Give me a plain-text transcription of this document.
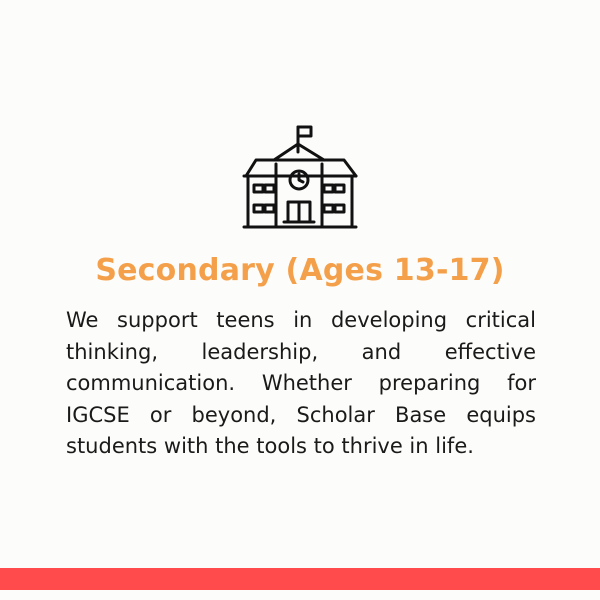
Secondary (Ages 13-17)

We support teens in developing critical thinking, leadership, and effective communication. Whether preparing for IGCSE or beyond, Scholar Base equips students with the tools to thrive in life.
